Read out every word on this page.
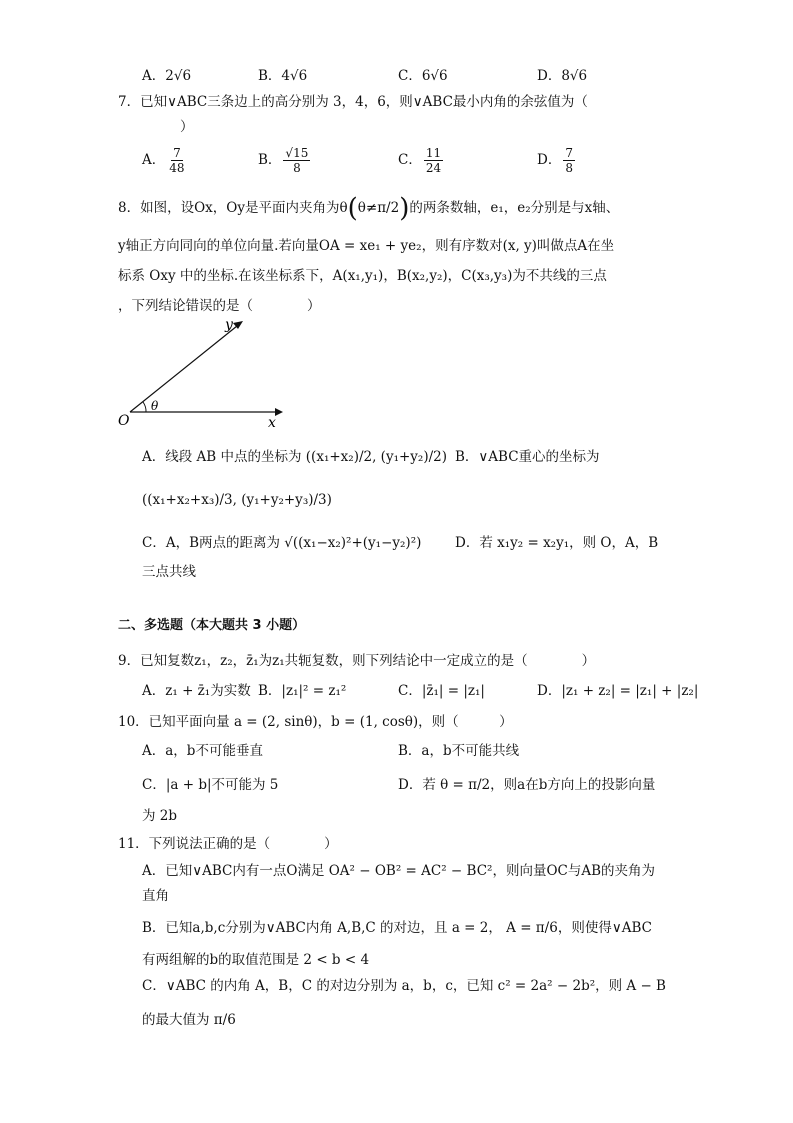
A．2√6	B．4√6	C．6√6	D．8√6
7．已知∨ABC三条边上的高分别为 3，4，6，则∨ABC最小内角的余弦值为（
）
A． $\frac{7}{48}$	B． $\frac{√15}{8}$	C． $\frac{11}{24}$	D． $\frac{7}{8}$
8．如图，设Ox，Oy是平面内夹角为θ(θ≠π/2)的两条数轴，e₁，e₂分别是与x轴、
y轴正方向同向的单位向量.若向量OA = xe₁ + ye₂，则有序数对(x, y)叫做点A在坐
标系 Oxy 中的坐标.在该坐标系下，A(x₁,y₁)，B(x₂,y₂)，C(x₃,y₃)为不共线的三点
，下列结论错误的是（　　　　）
y
x
O
θ
A．线段 AB 中点的坐标为 ((x₁+x₂)/2, (y₁+y₂)/2) B．∨ABC重心的坐标为
((x₁+x₂+x₃)/3, (y₁+y₂+y₃)/3)
C．A，B两点的距离为 √((x₁−x₂)²+(y₁−y₂)²) D．若 x₁y₂ = x₂y₁，则 O，A，B
三点共线
二、多选题（本大题共 3 小题）
9．已知复数z₁，z₂，z̄₁为z₁共轭复数，则下列结论中一定成立的是（　　　　）
A．z₁ + z̄₁为实数 B．|z₁|² = z₁²	C．|z̄₁| = |z₁|	D．|z₁ + z₂| = |z₁| + |z₂|
10．已知平面向量 a = (2, sinθ)，b = (1, cosθ)，则（　　　）
A．a，b不可能垂直	B．a，b不可能共线
C．|a + b|不可能为 5	D．若 θ = π/2，则a在b方向上的投影向量
为 2b
11．下列说法正确的是（　　　　）
A．已知∨ABC内有一点O满足 OA² − OB² = AC² − BC²，则向量OC与AB的夹角为
直角
B．已知a,b,c分别为∨ABC内角 A,B,C 的对边，且 a = 2， A = π/6，则使得∨ABC
有两组解的b的取值范围是 2 < b < 4
C．∨ABC 的内角 A，B，C 的对边分别为 a，b，c，已知 c² = 2a² − 2b²，则 A − B
的最大值为 π/6
